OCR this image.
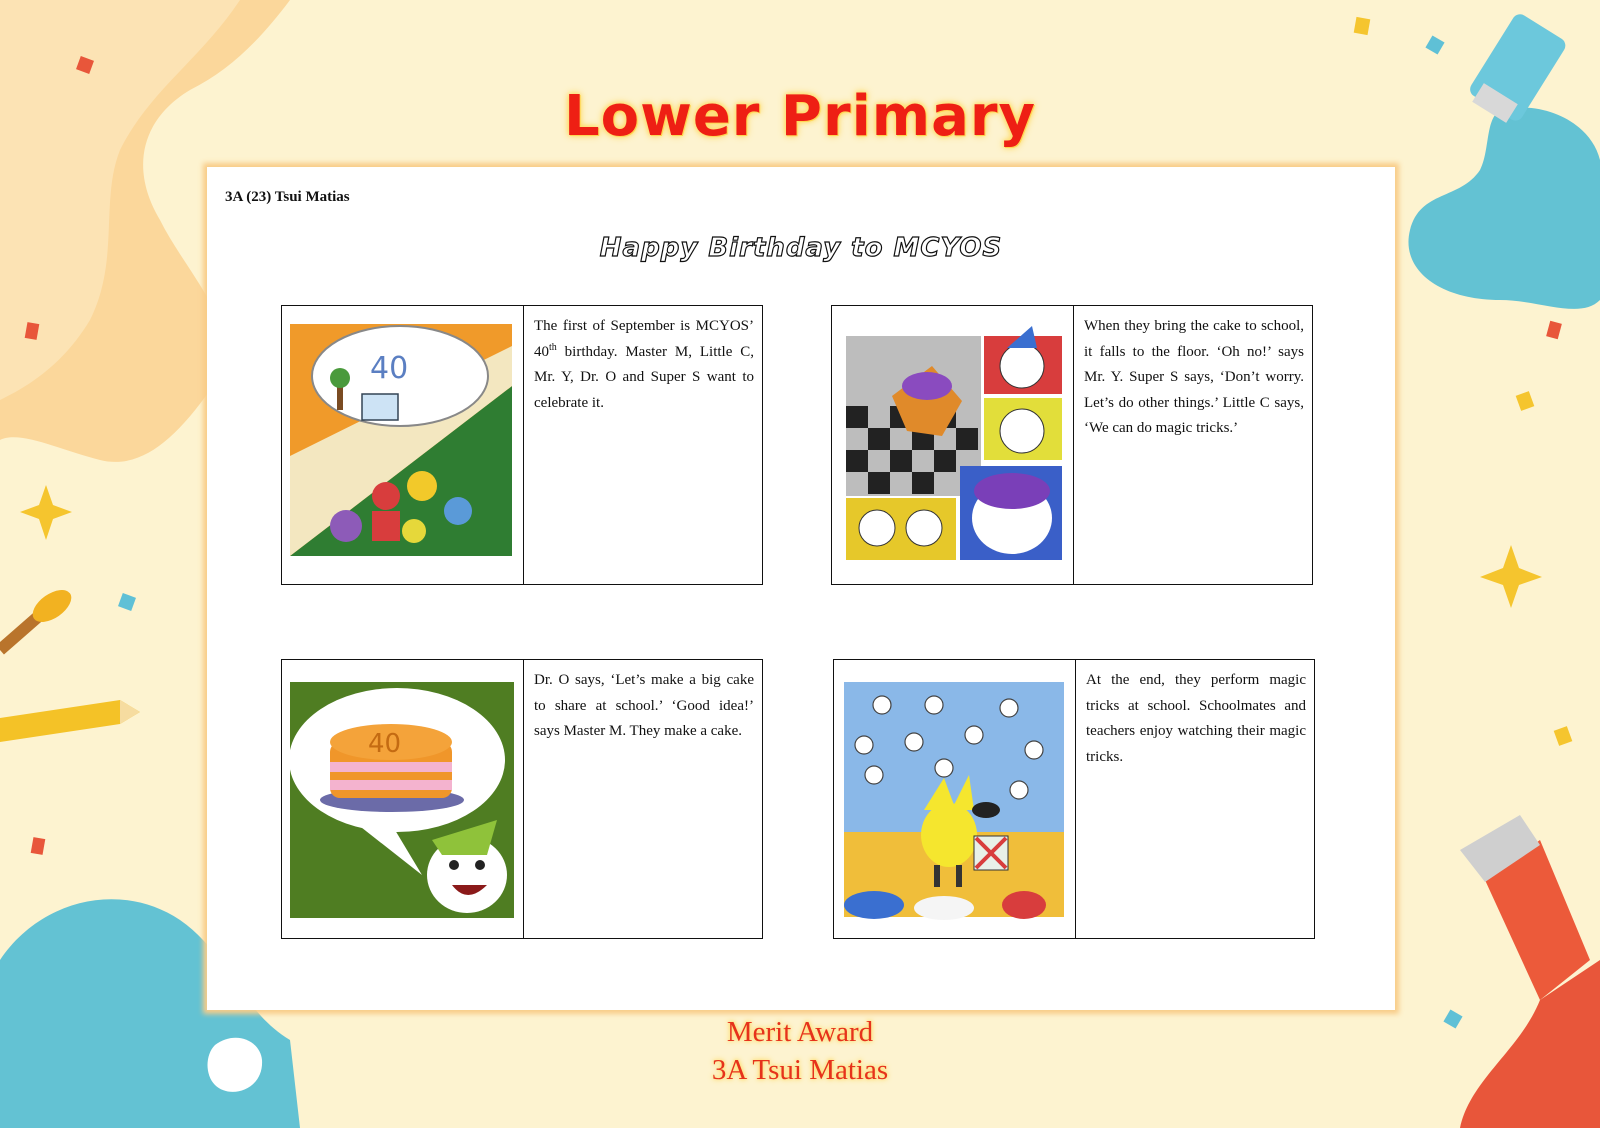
Lower Primary
3A (23) Tsui Matias
Happy Birthday to MCYOS
40
The first of September is MCYOS’ 40th birthday. Master M, Little C, Mr. Y, Dr. O and Super S want to celebrate it.
When they bring the cake to school, it falls to the floor. ‘Oh no!’ says Mr. Y. Super S says, ‘Don’t worry. Let’s do other things.’ Little C says, ‘We can do magic tricks.’
40
Dr. O says, ‘Let’s make a big cake to share at school.’ ‘Good idea!’ says Master M. They make a cake.
At the end, they perform magic tricks at school. Schoolmates and teachers enjoy watching their magic tricks.
Merit Award
3A Tsui Matias
